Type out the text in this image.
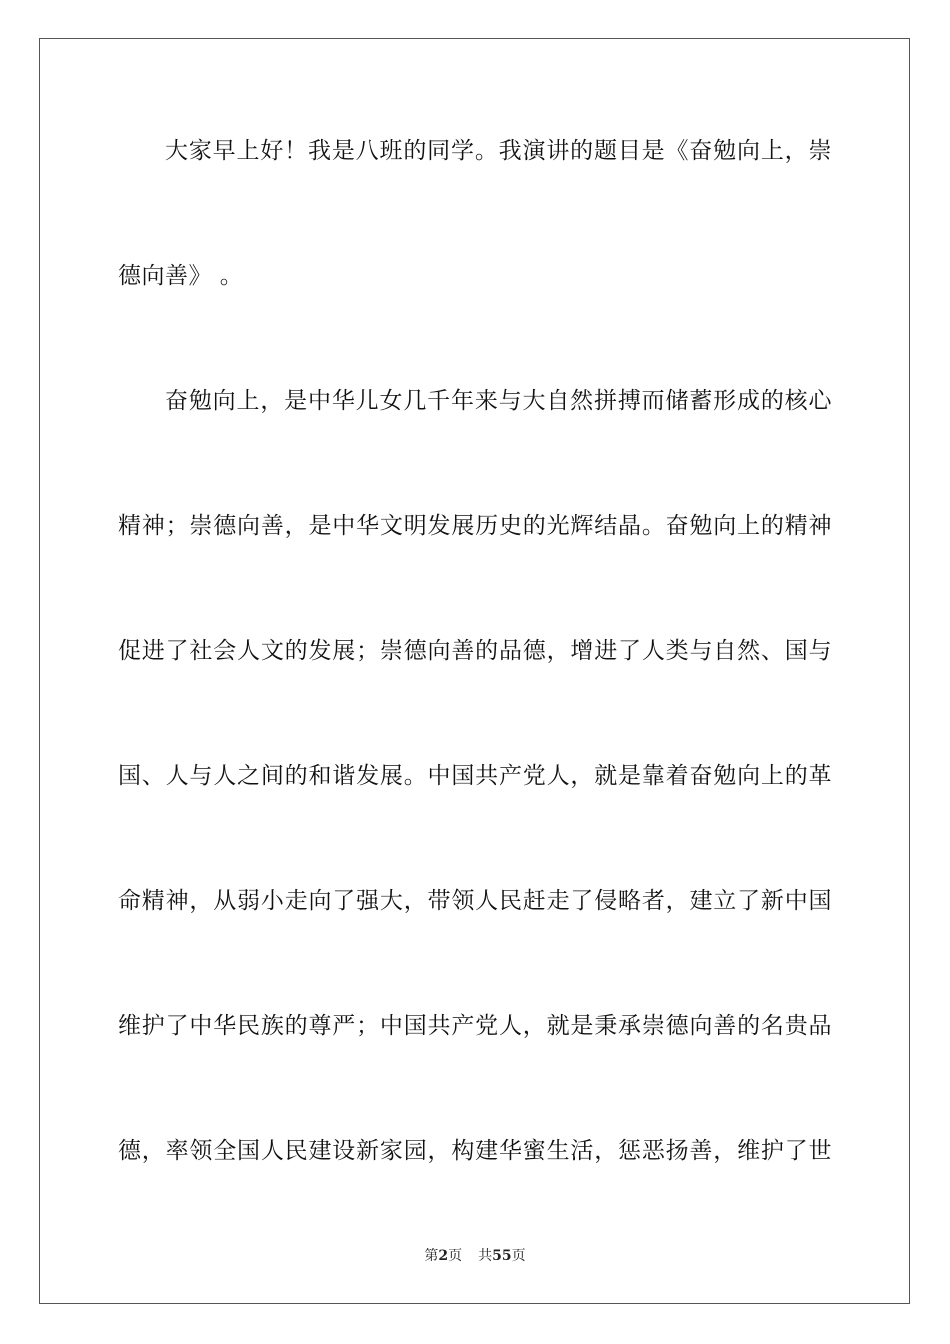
大家早上好！我是八班的同学。我演讲的题目是《奋勉向上，崇
德向善》 。
奋勉向上，是中华儿女几千年来与大自然拼搏而储蓄形成的核心
精神；崇德向善，是中华文明发展历史的光辉结晶。奋勉向上的精神
促进了社会人文的发展；崇德向善的品德，增进了人类与自然、国与
国、人与人之间的和谐发展。中国共产党人，就是靠着奋勉向上的革
命精神，从弱小走向了强大，带领人民赶走了侵略者，建立了新中国
维护了中华民族的尊严；中国共产党人，就是秉承崇德向善的名贵品
德，率领全国人民建设新家园，构建华蜜生活，惩恶扬善，维护了世
第2页 共55页
